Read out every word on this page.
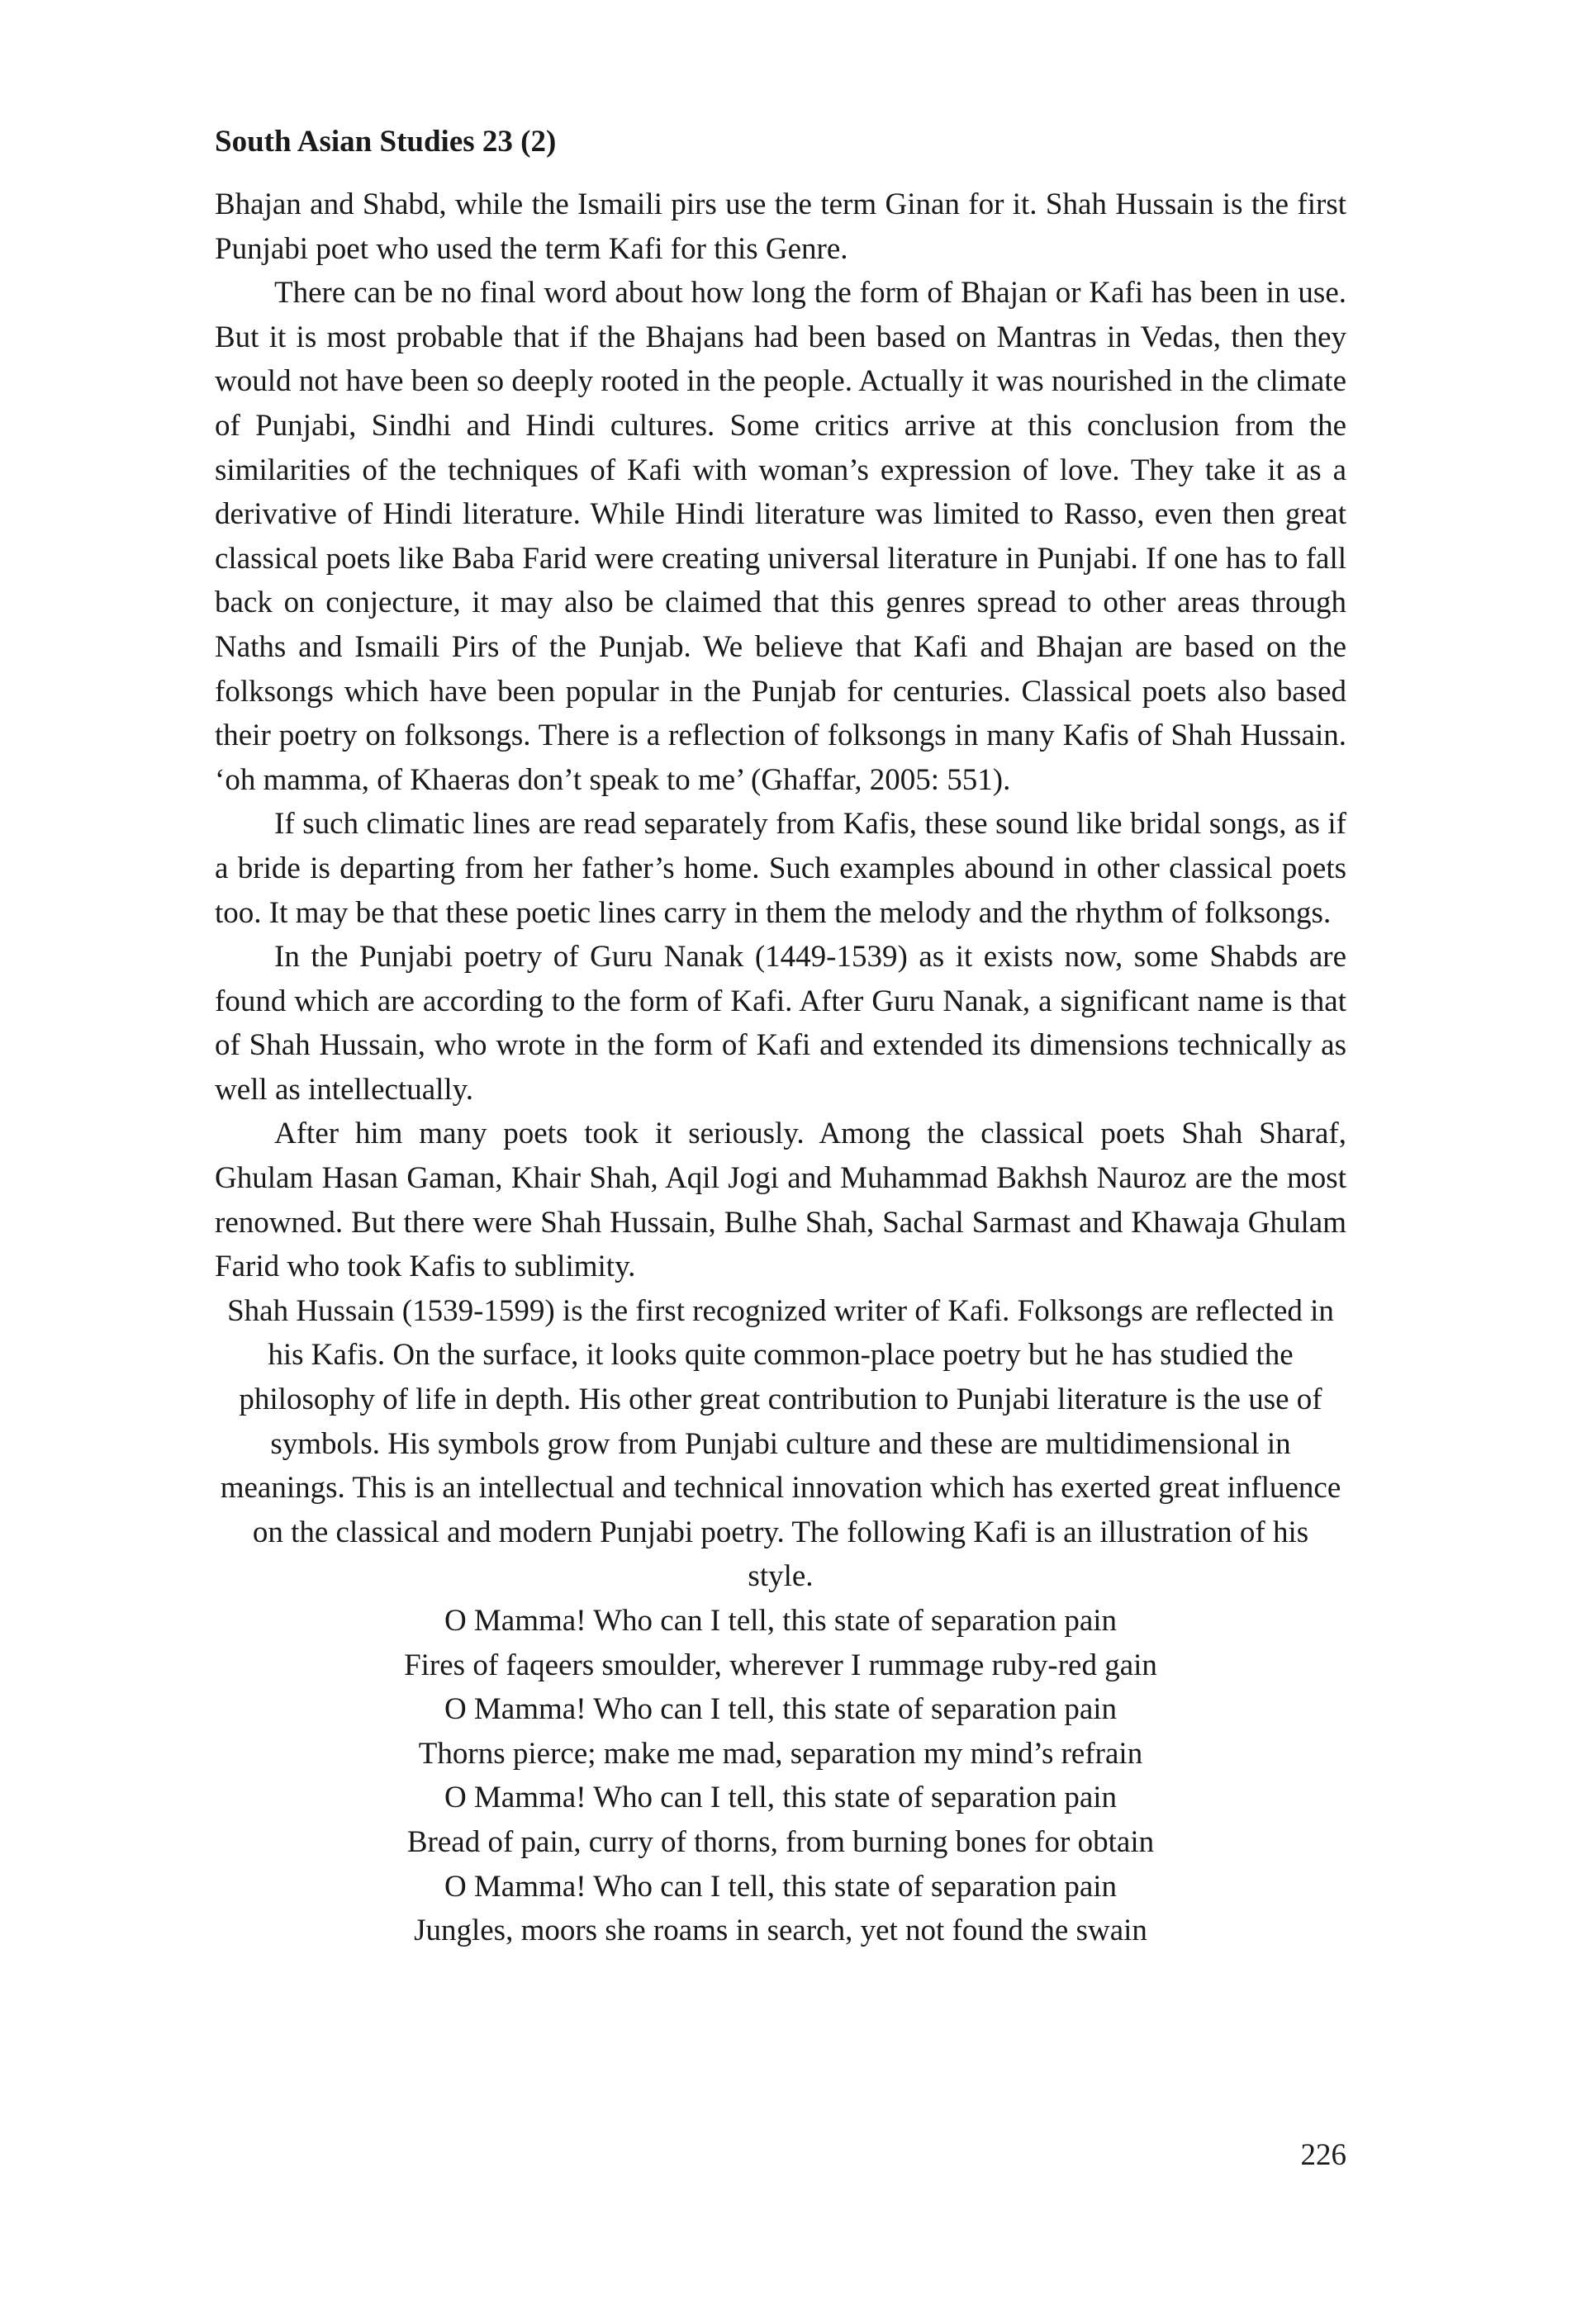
South Asian Studies 23 (2)

Bhajan and Shabd, while the Ismaili pirs use the term Ginan for it. Shah Hussain is the first Punjabi poet who used the term Kafi for this Genre.

There can be no final word about how long the form of Bhajan or Kafi has been in use. But it is most probable that if the Bhajans had been based on Mantras in Vedas, then they would not have been so deeply rooted in the people. Actually it was nourished in the climate of Punjabi, Sindhi and Hindi cultures. Some critics arrive at this conclusion from the similarities of the techniques of Kafi with woman’s expression of love. They take it as a derivative of Hindi literature. While Hindi literature was limited to Rasso, even then great classical poets like Baba Farid were creating universal literature in Punjabi. If one has to fall back on conjecture, it may also be claimed that this genres spread to other areas through Naths and Ismaili Pirs of the Punjab. We believe that Kafi and Bhajan are based on the folksongs which have been popular in the Punjab for centuries. Classical poets also based their poetry on folksongs. There is a reflection of folksongs in many Kafis of Shah Hussain. ‘oh mamma, of Khaeras don’t speak to me’ (Ghaffar, 2005: 551).

If such climatic lines are read separately from Kafis, these sound like bridal songs, as if a bride is departing from her father’s home. Such examples abound in other classical poets too. It may be that these poetic lines carry in them the melody and the rhythm of folksongs.

In the Punjabi poetry of Guru Nanak (1449-1539) as it exists now, some Shabds are found which are according to the form of Kafi. After Guru Nanak, a significant name is that of Shah Hussain, who wrote in the form of Kafi and extended its dimensions technically as well as intellectually.

After him many poets took it seriously. Among the classical poets Shah Sharaf, Ghulam Hasan Gaman, Khair Shah, Aqil Jogi and Muhammad Bakhsh Nauroz are the most renowned. But there were Shah Hussain, Bulhe Shah, Sachal Sarmast and Khawaja Ghulam Farid who took Kafis to sublimity.

Shah Hussain (1539-1599) is the first recognized writer of Kafi. Folksongs are reflected in his Kafis. On the surface, it looks quite common-place poetry but he has studied the philosophy of life in depth. His other great contribution to Punjabi literature is the use of symbols. His symbols grow from Punjabi culture and these are multidimensional in meanings. This is an intellectual and technical innovation which has exerted great influence on the classical and modern Punjabi poetry. The following Kafi is an illustration of his style.

O Mamma! Who can I tell, this state of separation pain
Fires of faqeers smoulder, wherever I rummage ruby-red gain
O Mamma! Who can I tell, this state of separation pain
Thorns pierce; make me mad, separation my mind’s refrain
O Mamma! Who can I tell, this state of separation pain
Bread of pain, curry of thorns, from burning bones for obtain
O Mamma! Who can I tell, this state of separation pain
Jungles, moors she roams in search, yet not found the swain
226
